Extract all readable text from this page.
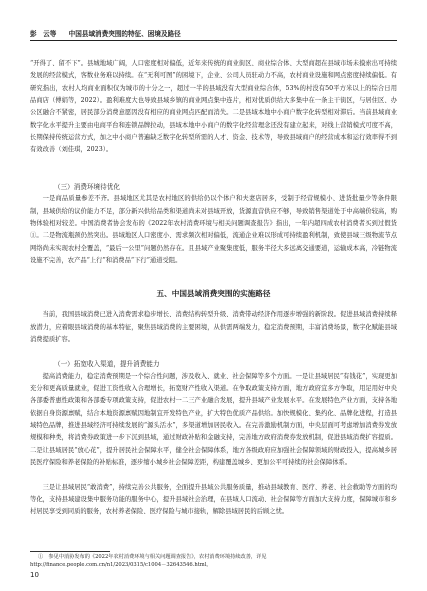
彭　云等 中国县域消费突围的特征、困境及路径

“开得了、留不下”。县城地域广阔，人口密度相对偏低，近年来传统的商业街区、商业综合体、大型商超在县域市场未摸索出可持续发展的经营模式，客数业务难以持续。在“无利可图”的困境下，企业、公司人员驻动力不高，农村商业设施和网点密度持续偏低。有研究指出，农村人均商业面积仅为城市的十分之一，超过一半的县域没有大型商业综合体，53%的村没有50平方米以上的综合日用品商店（傅娟等，2022）。盈利难度大也导致县域乡镇的商业网点集中连片，相对优质供给大多集中在一条主干街区，与居住区、办公区融合不紧密，居民部分消费意愿因没有相应的商业网点匹配而消失。二是县域本地中小商户数字化转型相对滞后。当前县域商业数字化水平提升主要由电商平台和连锁品牌拉动，县域本地中小商户的数字化经营理念还没有建立起来，对线上营销模式可度不高，长期保持传统运营方式，加之中小商户普遍缺乏数字化转型所需的人才、资金、技术等，导致县域商户的经营成本和运行效率得不到有效改善（刘佳琪，2023）。

（三）消费环境待优化

一是商品质量参差不齐。县域地区尤其是农村地区的供给仍以个体户和夫妻店居多，受制于经营规模小、进货批量少等条件限制，县域供给的议价能力不足，部分新兴供给品类和渠道尚未对县域开放，货源直营供应不够，导致销售渠道处于中高端价较高，购物体验相对较差。中国消费者协会发布的《2022年农村消费环境与相关问题调查报告》指出，一年内超四成农村消费者买到过假货①。二是物流瓶颈仍然突出。县域地区人口密度小、需求频次相对偏低，流通企业难以形成可持续盈利机制，致使县域三级物流节点网络尚未实现农村全覆盖，“最后一公里”问题仍然存在。且县域产业聚集度低，服务半径大多远离交通要道，运输成本高，冷链物流设施不完善，农产品“上行”和消费品“下行”通道受阻。

五、中国县域消费突围的实施路径

当前，我国县域消费已进入消费需求稳步增长、消费结构转型升级、消费带动经济作用逐步增强的新阶段。促进县域消费持续释放潜力，应着眼县域消费的基本特征，聚焦县域消费的主要困境，从供需两端发力，稳定消费预期，丰富消费场景，数字化赋能县域消费提质扩容。

（一）拓宽收入渠道，提升消费能力

提高消费能力，稳定消费预期是一个综合性问题，涉及收入、就业、社会保障等多个方面。一是让县域居民“有钱花”，实现更加充分和更高质量就业，促进工资性收入合理增长，拓宽财产性收入渠道。在争取政策支持方面，地方政府宜多方争取，用足用好中央各部委普惠性政策和各部委专项政策支持，促进农村一二三产业融合发展，提升县域产业发展水平。在发展特色产业方面，支持各地依据自身资源禀赋，结合本地资源禀赋因地制宜开发特色产业，扩大特色优质产品供给。加快规模化、集约化、品牌化进程，打造县域特色品牌，推进县域经济可持续发展的“源头活水”，多渠道增加居民收入。在完善激励机制方面，中央层面可考虑增加消费券发放规模和种类，将消费券政策进一步下沉到县域，通过财政补贴和金融支持，完善地方政府消费券发放机制，促进县域消费扩容提质。二是让县域居民“放心花”，提升居民社会保障水平，健全社会保障体系，地方各级政府应加强社会保障领域的财政投入，提高城乡居民医疗保险和养老保险的补贴标准，逐步缩小城乡社会保障差距，构建覆盖城乡、更加公平可持续的社会保障体系。

三是让县域居民“敢消费”，持续完善公共服务，全面提升县域公共服务质量，推动县域教育、医疗、养老、社会救助等方面的均等化，支持县域建设集中服务功能的服务中心，提升县域社会治理，在县域人口流动、社会保障等方面加大支持力度，保障城市和乡村居民享受到同质的服务，农村养老保险、医疗保险与城市接轨，解除县域居民的后顾之忧。

①　参见中消协发布的《2022年农村消费环境与相关问题调查报告》，农村消费环境持续改善，详见 http://finance.people.com.cn/n1/2023/0315/c1004－32643546.html。

10
